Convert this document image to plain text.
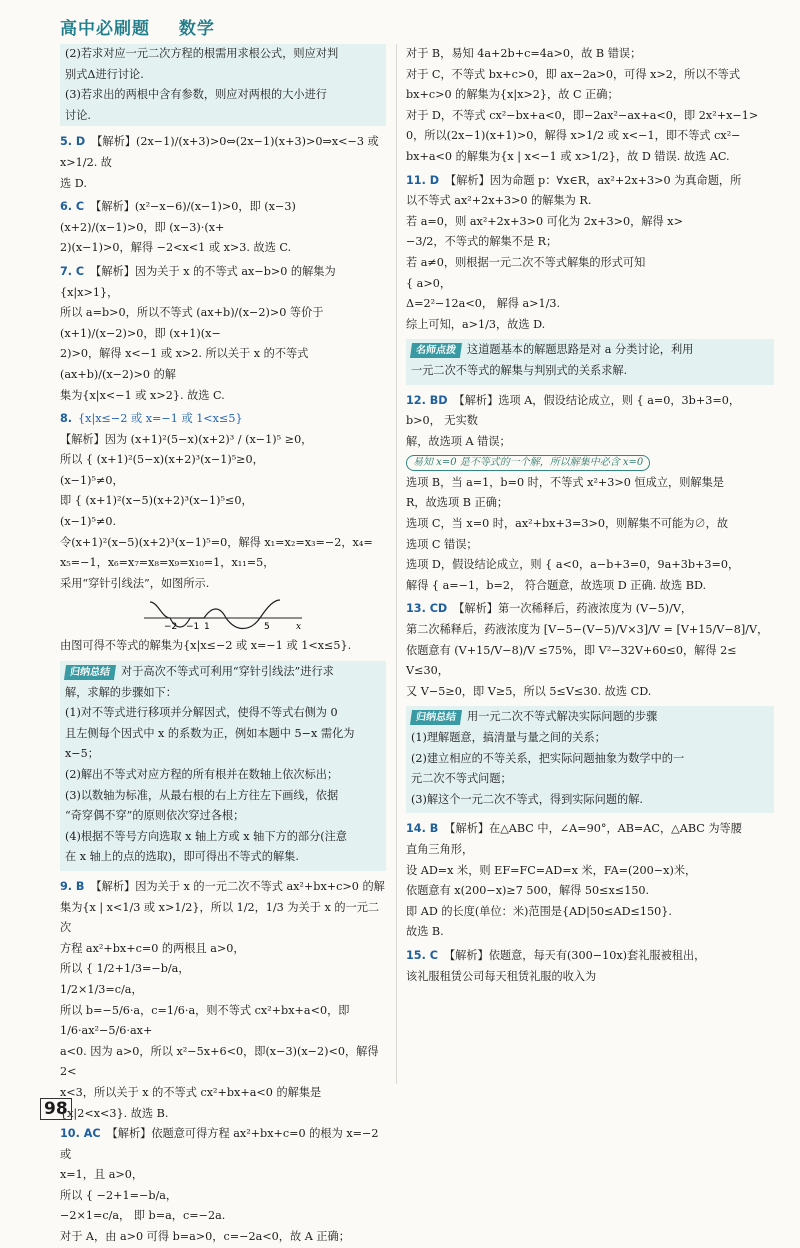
高中必刷题 数学

(2)若求对应一元二次方程的根需用求根公式，则应对判

别式Δ进行讨论.

(3)若求出的两根中含有参数，则应对两根的大小进行

讨论.

5. D 【解析】(2x−1)/(x+3)>0⇔(2x−1)(x+3)>0⇒x<−3 或 x>1/2. 故

选 D.

6. C 【解析】(x²−x−6)/(x−1)>0，即 (x−3)(x+2)/(x−1)>0，即 (x−3)·(x+

2)(x−1)>0，解得 −2<x<1 或 x>3. 故选 C.

7. C 【解析】因为关于 x 的不等式 ax−b>0 的解集为{x|x>1}，

所以 a=b>0，所以不等式 (ax+b)/(x−2)>0 等价于 (x+1)/(x−2)>0，即 (x+1)(x−

2)>0，解得 x<−1 或 x>2. 所以关于 x 的不等式 (ax+b)/(x−2)>0 的解

集为{x|x<−1 或 x>2}. 故选 C.

8. {x|x≤−2 或 x=−1 或 1<x≤5}

【解析】因为 (x+1)²(5−x)(x+2)³ / (x−1)⁵ ≥0，

所以 { (x+1)²(5−x)(x+2)³(x−1)⁵≥0，

(x−1)⁵≠0，

即 { (x+1)²(x−5)(x+2)³(x−1)⁵≤0，

(x−1)⁵≠0.

令(x+1)²(x−5)(x+2)³(x−1)⁵=0，解得 x₁=x₂=x₃=−2，x₄=

x₅=−1，x₆=x₇=x₈=x₉=x₁₀=1，x₁₁=5，

采用“穿针引线法”，如图所示.

−2 −1 1	5	x

由图可得不等式的解集为{x|x≤−2 或 x=−1 或 1<x≤5}.

归纳总结 对于高次不等式可利用“穿针引线法”进行求

解，求解的步骤如下：

(1)对不等式进行移项并分解因式，使得不等式右侧为 0

且左侧每个因式中 x 的系数为正，例如本题中 5−x 需化为

x−5；

(2)解出不等式对应方程的所有根并在数轴上依次标出；

(3)以数轴为标准，从最右根的右上方往左下画线，依据

“奇穿偶不穿”的原则依次穿过各根；

(4)根据不等号方向选取 x 轴上方或 x 轴下方的部分(注意

在 x 轴上的点的选取)，即可得出不等式的解集.

9. B 【解析】因为关于 x 的一元二次不等式 ax²+bx+c>0 的解

集为{x | x<1/3 或 x>1/2}，所以 1/2，1/3 为关于 x 的一元二次

方程 ax²+bx+c=0 的两根且 a>0，

所以 { 1/2+1/3=−b/a，

1/2×1/3=c/a，

所以 b=−5/6·a，c=1/6·a，则不等式 cx²+bx+a<0，即 1/6·ax²−5/6·ax+

a<0. 因为 a>0，所以 x²−5x+6<0，即(x−3)(x−2)<0，解得 2<

x<3，所以关于 x 的不等式 cx²+bx+a<0 的解集是{x|2<x<3}. 故选 B.

10. AC 【解析】依题意可得方程 ax²+bx+c=0 的根为 x=−2 或

x=1，且 a>0，

所以 { −2+1=−b/a，

−2×1=c/a， 即 b=a，c=−2a.

对于 A，由 a>0 可得 b=a>0，c=−2a<0，故 A 正确；

对于 B，易知 4a+2b+c=4a>0，故 B 错误；

对于 C，不等式 bx+c>0，即 ax−2a>0，可得 x>2，所以不等式

bx+c>0 的解集为{x|x>2}，故 C 正确；

对于 D，不等式 cx²−bx+a<0，即−2ax²−ax+a<0，即 2x²+x−1>

0，所以(2x−1)(x+1)>0，解得 x>1/2 或 x<−1，即不等式 cx²−

bx+a<0 的解集为{x | x<−1 或 x>1/2}，故 D 错误. 故选 AC.

11. D 【解析】因为命题 p：∀x∈R，ax²+2x+3>0 为真命题，所

以不等式 ax²+2x+3>0 的解集为 R.

若 a=0，则 ax²+2x+3>0 可化为 2x+3>0，解得 x>

−3/2，不等式的解集不是 R；

若 a≠0，则根据一元二次不等式解集的形式可知

{ a>0，

Δ=2²−12a<0， 解得 a>1/3.

综上可知，a>1/3，故选 D.

名师点拨 这道题基本的解题思路是对 a 分类讨论，利用

一元二次不等式的解集与判别式的关系求解.

12. BD 【解析】选项 A，假设结论成立，则 { a=0，3b+3=0，b>0， 无实数

解，故选项 A 错误；

易知 x=0 是不等式的一个解，所以解集中必含 x=0

选项 B，当 a=1，b=0 时，不等式 x²+3>0 恒成立，则解集是

R，故选项 B 正确；

选项 C，当 x=0 时，ax²+bx+3=3>0，则解集不可能为∅，故

选项 C 错误；

选项 D，假设结论成立，则 { a<0，a−b+3=0，9a+3b+3=0，

解得 { a=−1，b=2， 符合题意，故选项 D 正确. 故选 BD.

13. CD 【解析】第一次稀释后，药液浓度为 (V−5)/V，

第二次稀释后，药液浓度为 [V−5−(V−5)/V×3]/V = [V+15/V−8]/V，

依题意有 (V+15/V−8)/V ≤75%，即 V²−32V+60≤0，解得 2≤

V≤30，

又 V−5≥0，即 V≥5，所以 5≤V≤30. 故选 CD.

归纳总结 用一元二次不等式解决实际问题的步骤

(1)理解题意，搞清量与量之间的关系；

(2)建立相应的不等关系，把实际问题抽象为数学中的一

元二次不等式问题；

(3)解这个一元二次不等式，得到实际问题的解.

14. B 【解析】在△ABC 中，∠A=90°，AB=AC，△ABC 为等腰

直角三角形，

设 AD=x 米，则 EF=FC=AD=x 米，FA=(200−x)米，

依题意有 x(200−x)≥7 500，解得 50≤x≤150.

即 AD 的长度(单位：米)范围是{AD|50≤AD≤150}.

故选 B.

15. C 【解析】依题意，每天有(300−10x)套礼服被租出，

该礼服租赁公司每天租赁礼服的收入为

98
